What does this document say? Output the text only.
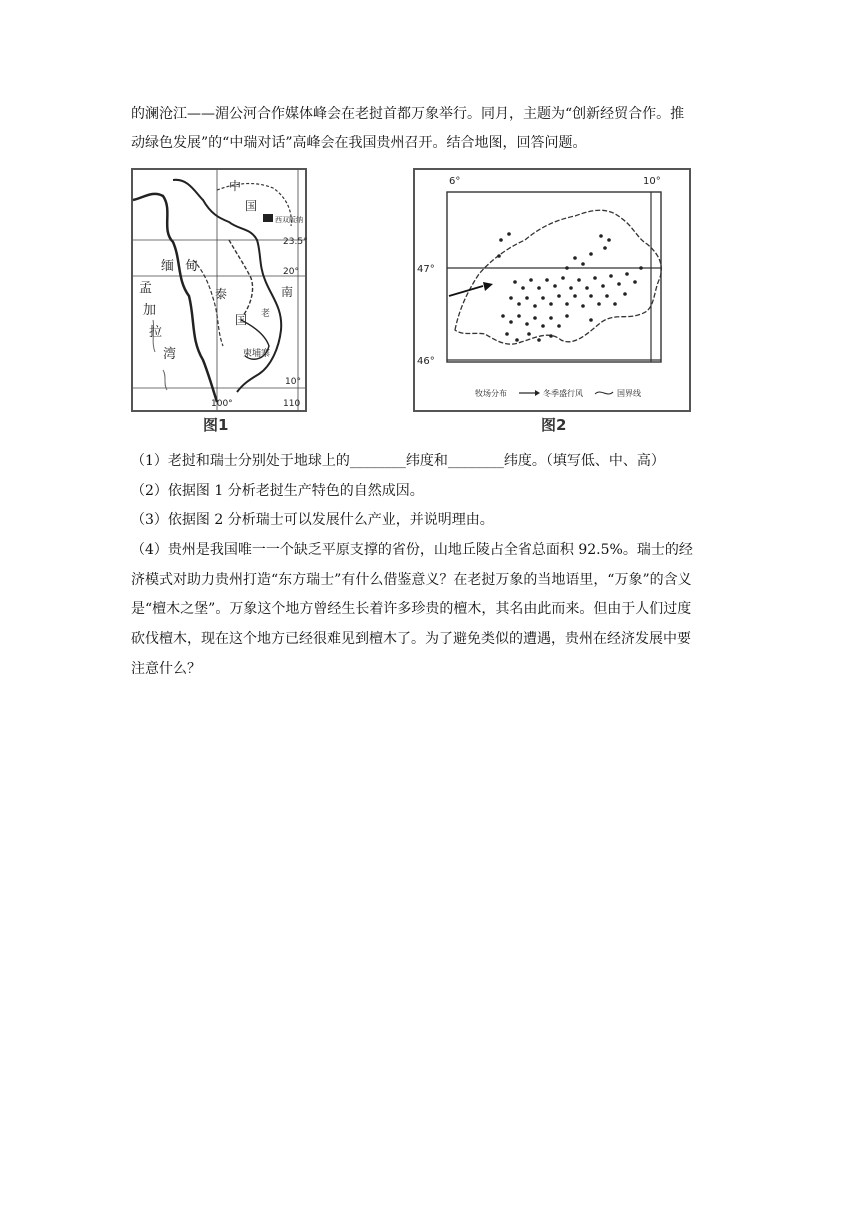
的澜沧江——湄公河合作媒体峰会在老挝首都万象举行。同月，主题为“创新经贸合作。推

动绿色发展”的“中瑞对话”高峰会在我国贵州召开。结合地图，回答问题。

中
国
西双版纳
23.5°
20°
10°
100°	110
缅 甸
孟
加
拉
湾
南
泰
国 老
柬埔寨
图1
6°	10°
47°
46°
牧场分布	冬季盛行风	国界线
图2

（1）老挝和瑞士分别处于地球上的________纬度和________纬度。（填写低、中、高）

（2）依据图 1 分析老挝生产特色的自然成因。

（3）依据图 2 分析瑞士可以发展什么产业，并说明理由。

（4）贵州是我国唯一一个缺乏平原支撑的省份，山地丘陵占全省总面积 92.5%。瑞士的经

济模式对助力贵州打造“东方瑞士”有什么借鉴意义？在老挝万象的当地语里，“万象”的含义

是“檀木之堡”。万象这个地方曾经生长着许多珍贵的檀木，其名由此而来。但由于人们过度

砍伐檀木，现在这个地方已经很难见到檀木了。为了避免类似的遭遇，贵州在经济发展中要

注意什么？
